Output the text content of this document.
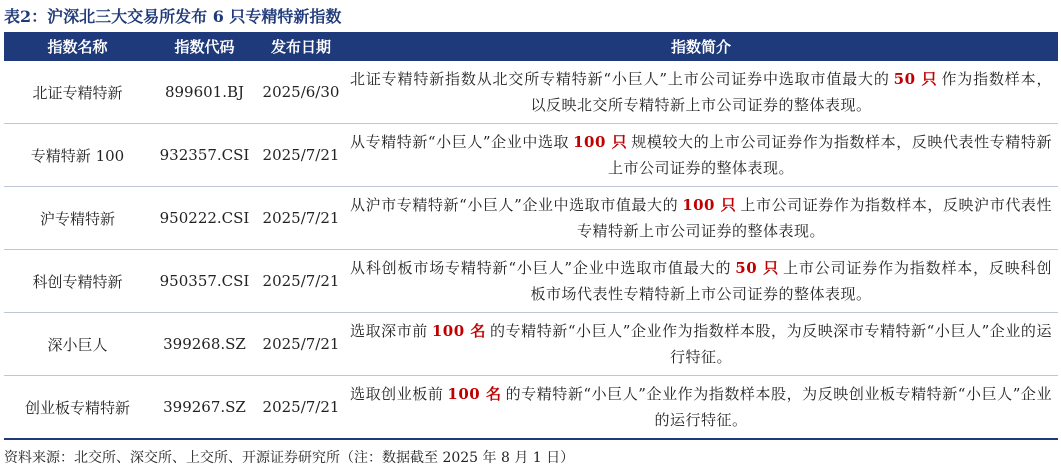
表2：沪深北三大交易所发布 6 只专精特新指数
指数名称	指数代码	发布日期	指数简介
北证专精特新	899601.BJ	2025/6/30	北证专精特新指数从北交所专精特新“小巨人”上市公司证券中选取市值最大的 50 只 作为指数样本，以反映北交所专精特新上市公司证券的整体表现。
专精特新 100	932357.CSI	2025/7/21	从专精特新“小巨人”企业中选取 100 只 规模较大的上市公司证券作为指数样本，反映代表性专精特新上市公司证券的整体表现。
沪专精特新	950222.CSI	2025/7/21	从沪市专精特新“小巨人”企业中选取市值最大的 100 只 上市公司证券作为指数样本，反映沪市代表性专精特新上市公司证券的整体表现。
科创专精特新	950357.CSI	2025/7/21	从科创板市场专精特新“小巨人”企业中选取市值最大的 50 只 上市公司证券作为指数样本，反映科创板市场代表性专精特新上市公司证券的整体表现。
深小巨人	399268.SZ	2025/7/21	选取深市前 100 名 的专精特新“小巨人”企业作为指数样本股，为反映深市专精特新“小巨人”企业的运行特征。
创业板专精特新	399267.SZ	2025/7/21	选取创业板前 100 名 的专精特新“小巨人”企业作为指数样本股，为反映创业板专精特新“小巨人”企业的运行特征。
资料来源：北交所、深交所、上交所、开源证券研究所（注：数据截至 2025 年 8 月 1 日）
